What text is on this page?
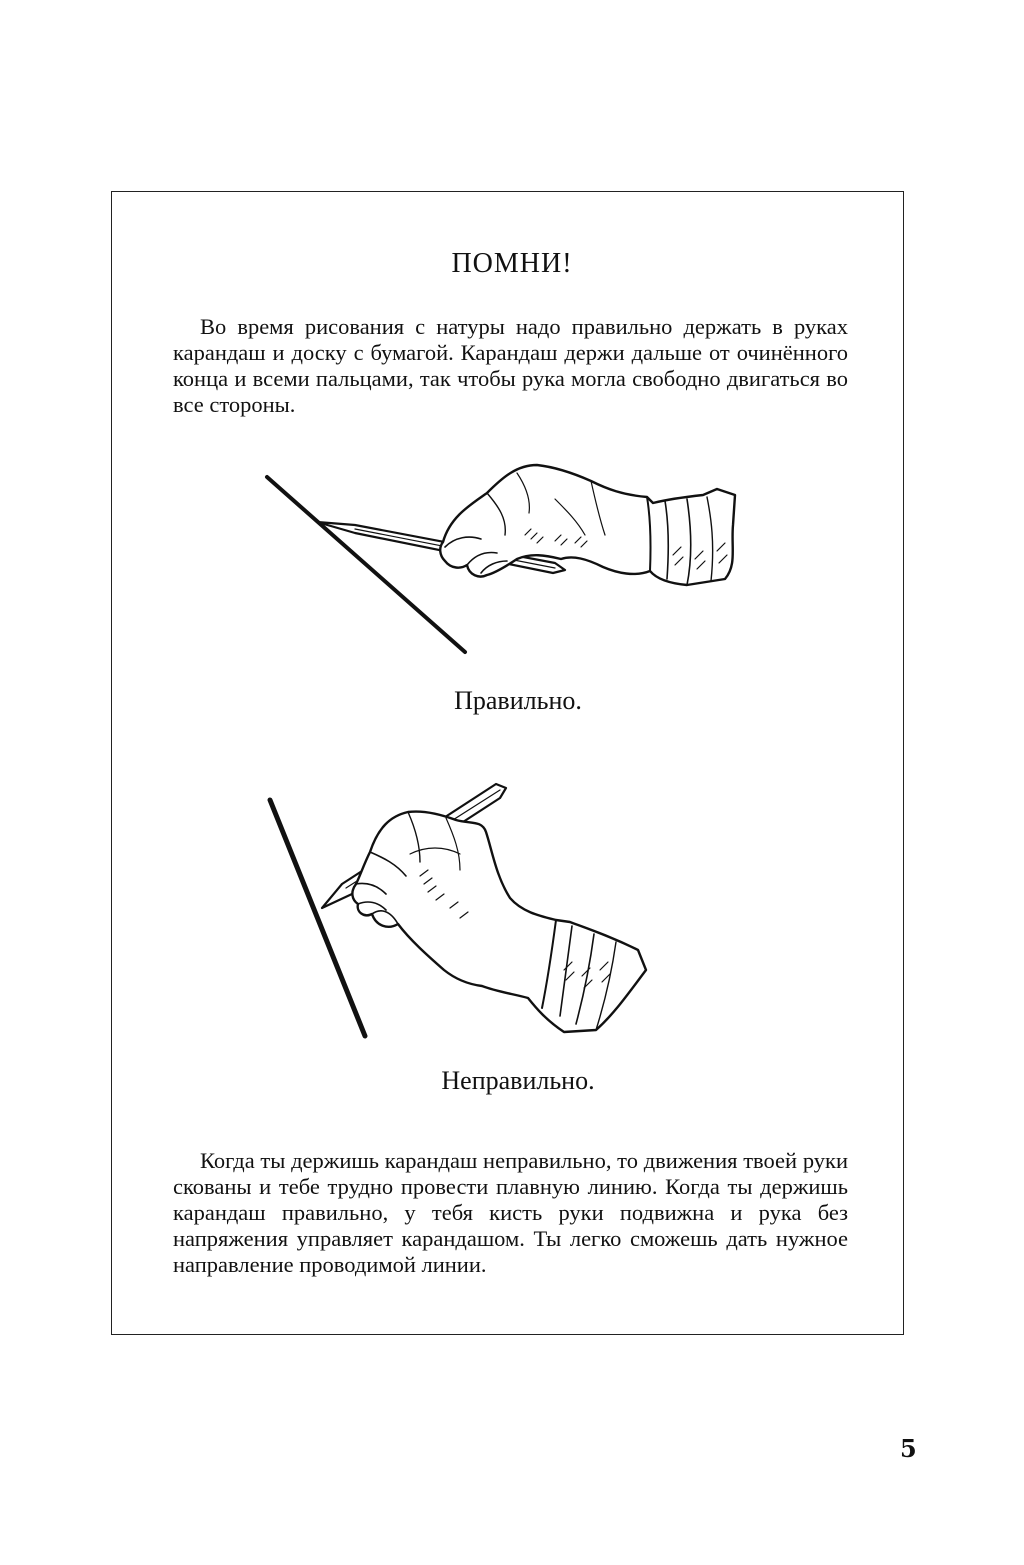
ПОМНИ!

Во время рисования с натуры надо правильно держать в руках карандаш и доску с бумагой. Карандаш держи дальше от очинённого конца и всеми пальцами, так чтобы рука могла свободно двигаться во все стороны.

Правильно.
Неправильно.

Когда ты держишь карандаш неправильно, то движения твоей руки скованы и тебе трудно провести плавную линию. Когда ты держишь карандаш правильно, у тебя кисть руки подвижна и рука без напряжения управляет карандашом. Ты легко сможешь дать нужное направление проводимой линии.

5
